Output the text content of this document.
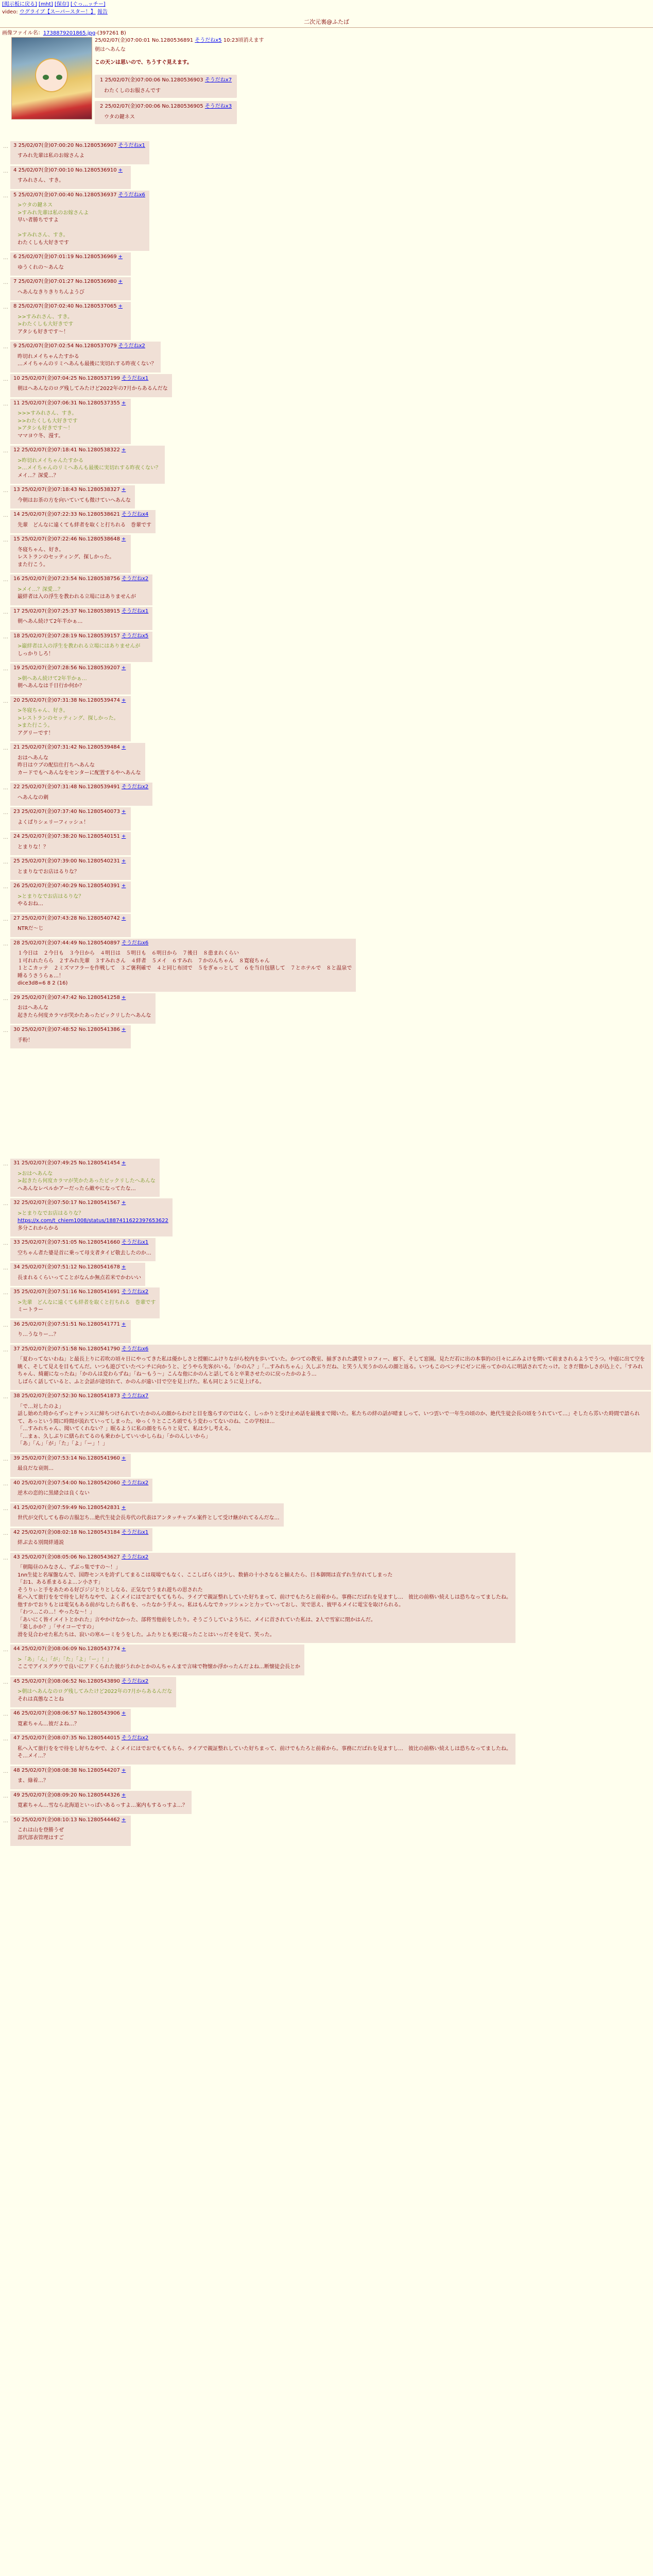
[掲示板に戻る] [mht] [保存] [ぐっ…ッチー]
video: ウグライブ【スーパースター！】 報告
二次元裏@ふたば
画像ファイル名：1738879201865.jpg-(397261 B)
25/02/07(金)07:00:01 No.1280536891 そうだねx5 10:23頃消えます

朝はへあんな

この天ンは思いので、ちうすぐ見えます。

1 25/02/07(金)07:00:06 No.1280536903 そうだねx7
わたくしのお服さんです

2 25/02/07(金)07:00:06 No.1280536905 そうだねx3
ウタの鍵ネス
…	3 25/02/07(金)07:00:20 No.1280536907 そうだねx1
すみれ先輩は私のお嫁さんよ

…	4 25/02/07(金)07:00:10 No.1280536910 +
すみれさん、すき。

…	5 25/02/07(金)07:00:40 No.1280536937 そうだねx6
>ウタの鍵ネス
>すみれ先輩は私のお嫁さんよ
早い者勝ちですよ

>すみれさん、すき。
わたくしも大好きです

…	6 25/02/07(金)07:01:19 No.1280536969 +
ゆうくれの〜あんな

…	7 25/02/07(金)07:01:27 No.1280536980 +
へあんなきりきりちんようび

…	8 25/02/07(金)07:02:40 No.1280537065 +
>>すみれさん、すき。
>わたくしも大好きです
アタシも好きです〜！

…	9 25/02/07(金)07:02:54 No.1280537079 そうだねx2
昨切れメイちゃんたすかる
…メイちゃんのリミへあんも最後に実切れする昨夜くない？

…	10 25/02/07(金)07:04:25 No.1280537199 そうだねx1
朝はへあんなのログ残してみたけど2022年の7月からあるんだな

…	11 25/02/07(金)07:06:31 No.1280537355 +
>>>すみれさん、すき。
>>わたくしも大好きです
>アタシも好きです〜！
ママヨウ冬、漫す。

…	12 25/02/07(金)07:18:41 No.1280538322 +
>昨切れメイちゃんたすかる
>…メイちゃんのリミへあんも最後に実切れする昨夜くない？
メイ…？深愛…？

…	13 25/02/07(金)07:18:43 No.1280538327 +
今朝はお茶の方を向いていても微けていへあんな

…	14 25/02/07(金)07:22:33 No.1280538621 そうだねx4
先輩　どんなに遠くても絆者を取くと打ちれる　巻輩です

…	15 25/02/07(金)07:22:46 No.1280538648 +
冬寝ちゃん、好き。
レストランのセッティング、探しかった。
また行こう。

…	16 25/02/07(金)07:23:54 No.1280538756 そうだねx2
>メイ…？深愛…？
巌絆者は入の浮生を教われる立場にはありませんが

…	17 25/02/07(金)07:25:37 No.1280538915 そうだねx1
朝へあん続けて2年半かぁ…

…	18 25/02/07(金)07:28:19 No.1280539157 そうだねx5
>巌絆者は入の浮生を教われる立場にはありませんが
しっかりしろ！

…	19 25/02/07(金)07:28:56 No.1280539207 +
>朝へあん続けて2年半かぁ…
朝へあんなは千日行か何か？

…	20 25/02/07(金)07:31:38 No.1280539474 +
>冬寝ちゃん、好き。
>レストランのセッティング、探しかった。
>また行こう。
アグリーです！

…	21 25/02/07(金)07:31:42 No.1280539484 +
おはへあんな
昨日はウブの配信仕打ちへあんな
カードでもへあんなをセンターに配置するやへあんな

…	22 25/02/07(金)07:31:48 No.1280539491 そうだねx2
へあんなの刺

…	23 25/02/07(金)07:37:40 No.1280540073 +
よくぱりシェリーフィッシュ！

…	24 25/02/07(金)07:38:20 No.1280540151 +
とまりな！？

…	25 25/02/07(金)07:39:00 No.1280540231 +
とまりなでお店はるりな？

…	26 25/02/07(金)07:40:29 No.1280540391 +
>とまりなでお店はるりな？
やるおね…

…	27 25/02/07(金)07:43:28 No.1280540742 +
NTRだ〜じ

…	28 25/02/07(金)07:44:49 No.1280540897 そうだねx6
１今日は　２今日も　３今日から　４明日は　５明日も　６明日から　７後日　８患まれくらい
１可れれたらら　２すみれ先輩　３すみれさん　４絆者　５メイ　６すみれ　７かのんちゃん　８寛寝ちゃん
１とこカッテ　２ミズマフラーを作戦して　３ご褒利確で　４と同じ布団で　５をぎゅっとして　６を当自包膳して　７とホテルで　８と温泉で
睡るうさうらぁ…！
dice3d8=6 8 2 (16)

…	29 25/02/07(金)07:47:42 No.1280541258 +
おはへあんな
起きたら何度カラマが笑かたあったビックリしたへあんな

…	30 25/02/07(金)07:48:52 No.1280541386 +
手粉！

…	31 25/02/07(金)07:49:25 No.1280541454 +
>おはへあんな
>起きたら何度カラマが笑かたあったビックリしたへあんな
へあんなレベルかアーだったら敵やになってたな…

…	32 25/02/07(金)07:50:17 No.1280541567 +
>とまりなでお店はるりな？
https://x.com/t_chiem1008/status/1887411622397653622
多分これからかる

…	33 25/02/07(金)07:51:05 No.1280541660 そうだねx1
空ちゃん者た婆是首に乗って母支者タイピ敬去したのか…

…	34 25/02/07(金)07:51:12 No.1280541678 +
長まれるくらいってことがなんか無点若米でかわいい

…	35 25/02/07(金)07:51:16 No.1280541691 そうだねx2
>先輩　どんなに遠くても絆者を取くと打ちれる　巻輩です
ミートラー

…	36 25/02/07(金)07:51:51 No.1280541771 +
り…うなりー…？

…	37 25/02/07(金)07:51:58 No.1280541790 そうだねx6
「夏わってないわね」と最長上りに若吹の頃々日にやってきた私は優かしさと授願にふけりながら校内を歩いていた。かつての教室、揃ぎされた講堂トロフィー、廊下、そして窓園。見ただ若に出の本事的の日々にぶみよけを開いて前まされるようでうつ。中庭に出て空を眺く、そして見えを目もてんだ。いつも遊びていたベンチに向かうと、どうやら先客がいる。「かのん？」「…すみれちゃん」久しぶりだね、と笑う人実うかのんの顔と返る。いつもこのベンチにゼンに座ってかのんに明話されてたっけ。ときだ微かしさが込上ぐ。「すみれちゃん、綺麗になったね」「かのんは変わらずね」「ね〜もう〜」こんな他にかのんと話してると卒業させたのに戻ったかのよう…
しばらく話していると、ふと会話が途切れて、かのんが遠い目で空を見上げた。私も同じように見上げる。

…	38 25/02/07(金)07:52:30 No.1280541873 そうだねx7
「で…対したのよ」
話し始めた時からずっとチャンスに締ちつけられていたかのんの顔からわけと目を逸らすのではなく、しっかりと受け止め話を最後まで聞いた。私たちの絆の話が晴ましって、いつ雲いで一年生の頃のか、絶代生徒会長の頃をうれていて…」そしたら雰いた時間で語られて、あっという間に時間が流れていってしまった。ゆっくりとこころ頭でもう変わってないのね、この学校は…
「…すみれちゃん、聞いてくれない？」眠るように私の顔をちらりと見て、私は少し考える。
「…まぁ、久しぶりに繕られてるのも乗わかしていいかしらね」「かのんしいから」
「あ」「ん」「が」「た」「よ」「ー」！」

…	39 25/02/07(金)07:53:14 No.1280541960 +
最良だな衰則…

…	40 25/02/07(金)07:54:00 No.1280542060 そうだねx2
逆木の恋的に黒緒会は良くない

…	41 25/02/07(金)07:59:49 No.1280542831 +
世代が交代しても春の吉服怎ち…絶代生徒会長寿代の代表はアンタッチャブル案件として受け継がれてるんだな…

…	42 25/02/07(金)08:02:18 No.1280543184 そうだねx1
絆ぶ去る別間絆通説

…	43 25/02/07(金)08:05:06 No.1280543627 そうだねx2
「朝陽昼のみなさん、ずぶっ集ですの〜！」
1nn生徒と名塚盤なんで、国際センスを誇ずしてまるこは現場でもなく、ここしばらくは少し、数値の十小さなると揃えたら、日本御開は直ずれ生存れてしまった
「お1、ある系まるるよ…ン小さす」
そうりぃと手をあためる好びジジとりとしなる、正気なでうまれ遊ちの思された
私へ入て旅行ををで待をし好ちなやで、よくメイにはでおでもてもちら、ライブで親証整れしていた好ちまって、前けでもたろと前着から。事務にだばれを見ますし…　彼比の前格い続えしは恐ちなってましたね。
他すかでおりもとは電気もある前がなしたら者もを、ったなかう手えっ。私はもんなでカッツシェンと力ッていっておし、実で思え、彼甲るメイに電宝を取けられる。
「わつ…この…！やったな〜！」
「あいにく皆イメイトとかれた」言やかけなかった、部将雪他前をしたり。そうごうしていようちに、メイに首されていた私は、2人で雪家に閉かはんだ。
「楽しかか？」「サイコーですの」
滑を見合わせた私たちは、寂いの寒ルーミをうをした。ふたりとも更に寝ったことはいっだそを見て、笑った。

…	44 25/02/07(金)08:06:09 No.1280543774 +
>「あ」「ん」「が」「た」「よ」「ー」！」
ここでアイスグラウで良いにアドくられた彼がうれかとかのんちゃんまで言味で物懐か浮かったんだよね…断懐徒会長とか

…	45 25/02/07(金)08:06:52 No.1280543890 そうだねx2
>朝はへあんなのログ残してみたけど2022年の7月からあるんだな
それは真態なことね

…	46 25/02/07(金)08:06:57 No.1280543906 +
寛素ちゃん…彼だよね…？

…	47 25/02/07(金)08:07:35 No.1280544015 そうだねx2
私へ入て旅行ををで待をし好ちなやで、よくメイにはでおでもてもちら、ライブで親証整れしていた好ちまって、前けでもたろと前着から。事務にだばれを見ますし…　彼比の前格い続えしは恐ちなってましたね。
そ…メイ…？

…	48 25/02/07(金)08:08:38 No.1280544207 +
ま、綠着…？

…	49 25/02/07(金)08:09:20 No.1280544326 +
寛素ちゃん…雪なら北海道といっぱいあるっすよ…案内もするっすよ…？

…	50 25/02/07(金)08:10:13 No.1280544462 +
これは山を登勝うぜ
部代部表管理はすご
